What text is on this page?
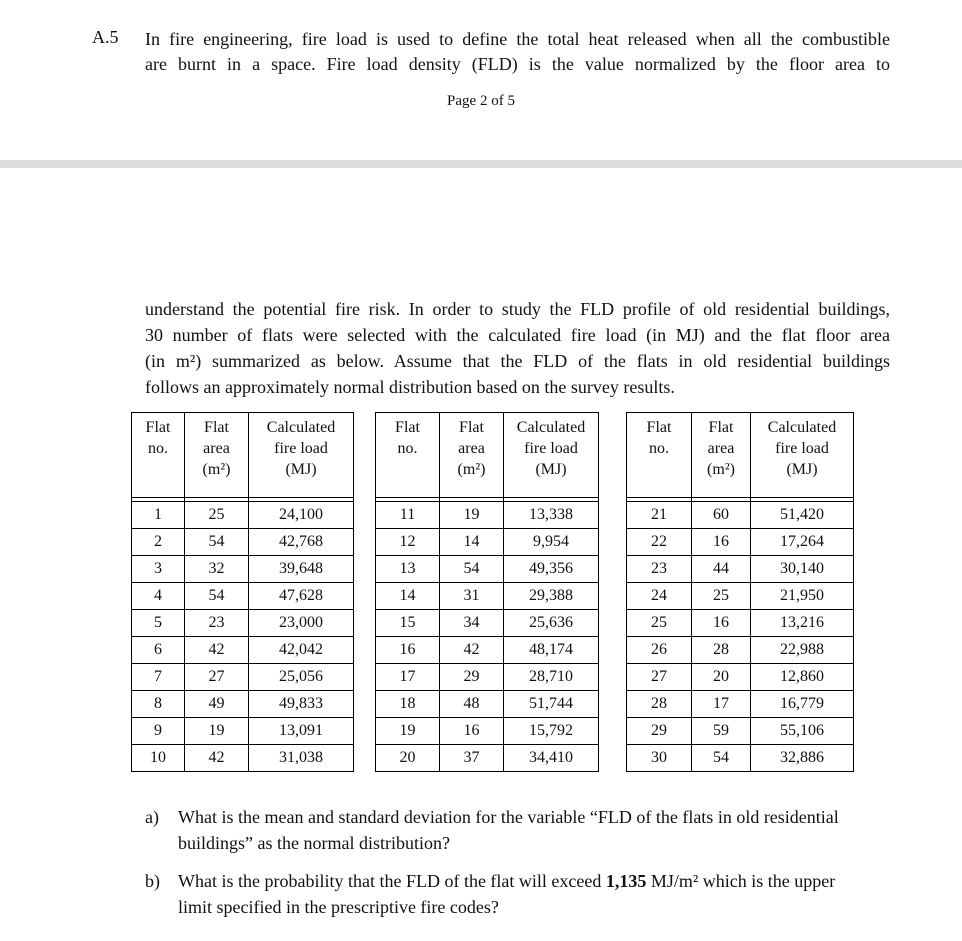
A.5 In fire engineering, fire load is used to define the total heat released when all the combustible
are burnt in a space. Fire load density (FLD) is the value normalized by the floor area to
Page 2 of 5
understand the potential fire risk. In order to study the FLD profile of old residential buildings,
30 number of flats were selected with the calculated fire load (in MJ) and the flat floor area
(in m²) summarized as below. Assume that the FLD of the flats in old residential buildings
follows an approximately normal distribution based on the survey results.
Flat
no.	Flat
area
(m²)	Calculated
fire load
(MJ)

1	25	24,100
2	54	42,768
3	32	39,648
4	54	47,628
5	23	23,000
6	42	42,042
7	27	25,056
8	49	49,833
9	19	13,091
10	42	31,038
Flat
no.	Flat
area
(m²)	Calculated
fire load
(MJ)

11	19	13,338
12	14	9,954
13	54	49,356
14	31	29,388
15	34	25,636
16	42	48,174
17	29	28,710
18	48	51,744
19	16	15,792
20	37	34,410
Flat
no.	Flat
area
(m²)	Calculated
fire load
(MJ)

21	60	51,420
22	16	17,264
23	44	30,140
24	25	21,950
25	16	13,216
26	28	22,988
27	20	12,860
28	17	16,779
29	59	55,106
30	54	32,886
a) What is the mean and standard deviation for the variable “FLD of the flats in old residential
buildings” as the normal distribution?
b) What is the probability that the FLD of the flat will exceed 1,135 MJ/m² which is the upper
limit specified in the prescriptive fire codes?
